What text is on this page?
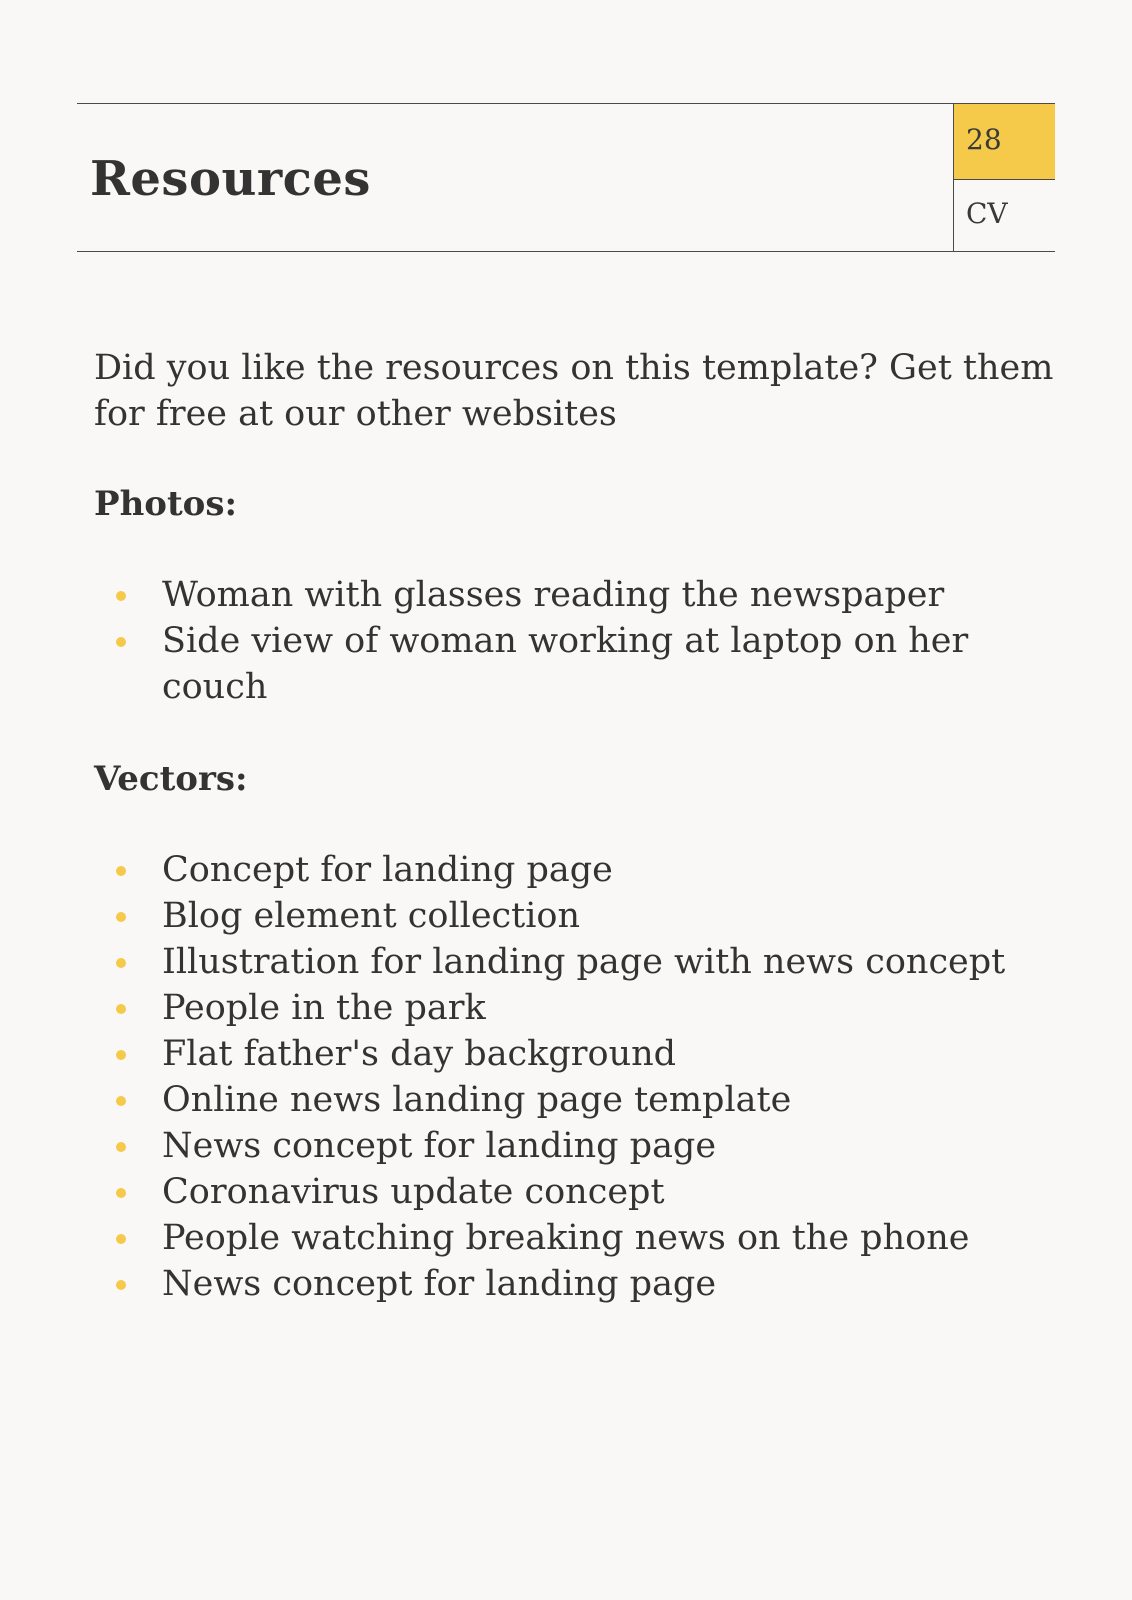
Resources
28
CV

Did you like the resources on this template? Get them for free at our other websites

Photos:
Woman with glasses reading the newspaper
Side view of woman working at laptop on her couch
Vectors:
Concept for landing page
Blog element collection
Illustration for landing page with news concept
People in the park
Flat father's day background
Online news landing page template
News concept for landing page
Coronavirus update concept
People watching breaking news on the phone
News concept for landing page
